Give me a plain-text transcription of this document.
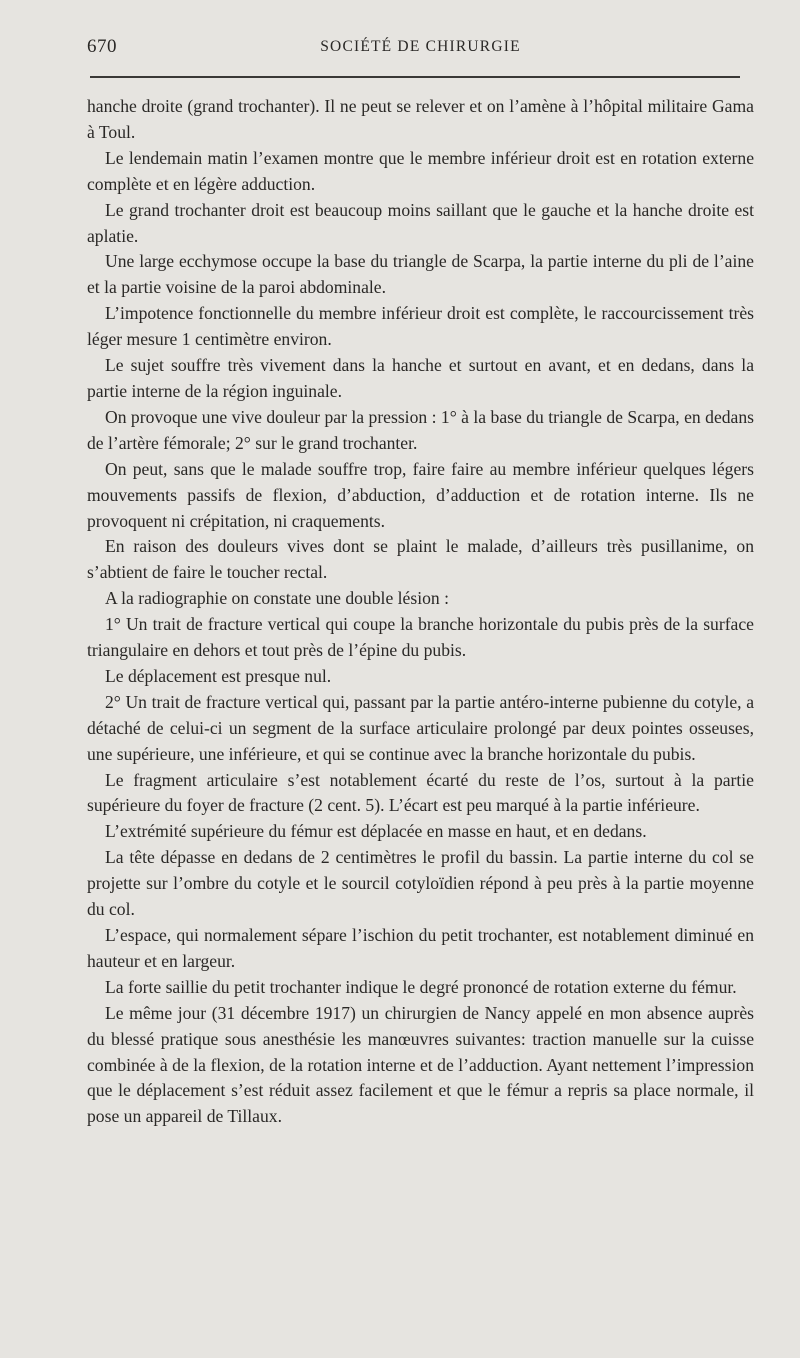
670	SOCIÉTÉ DE CHIRURGIE

hanche droite (grand trochanter). Il ne peut se relever et on l’amène à l’hôpital militaire Gama à Toul.

Le lendemain matin l’examen montre que le membre inférieur droit est en rotation externe complète et en légère adduction.

Le grand trochanter droit est beaucoup moins saillant que le gauche et la hanche droite est aplatie.

Une large ecchymose occupe la base du triangle de Scarpa, la partie interne du pli de l’aine et la partie voisine de la paroi abdominale.

L’impotence fonctionnelle du membre inférieur droit est complète, le raccourcissement très léger mesure 1 centimètre environ.

Le sujet souffre très vivement dans la hanche et surtout en avant, et en dedans, dans la partie interne de la région inguinale.

On provoque une vive douleur par la pression : 1° à la base du triangle de Scarpa, en dedans de l’artère fémorale; 2° sur le grand trochanter.

On peut, sans que le malade souffre trop, faire faire au membre inférieur quelques légers mouvements passifs de flexion, d’abduction, d’adduction et de rotation interne. Ils ne provoquent ni crépitation, ni craquements.

En raison des douleurs vives dont se plaint le malade, d’ailleurs très pusillanime, on s’abtient de faire le toucher rectal.

A la radiographie on constate une double lésion :

1° Un trait de fracture vertical qui coupe la branche horizontale du pubis près de la surface triangulaire en dehors et tout près de l’épine du pubis.

Le déplacement est presque nul.

2° Un trait de fracture vertical qui, passant par la partie antéro-interne pubienne du cotyle, a détaché de celui-ci un segment de la surface articulaire prolongé par deux pointes osseuses, une supérieure, une inférieure, et qui se continue avec la branche horizontale du pubis.

Le fragment articulaire s’est notablement écarté du reste de l’os, surtout à la partie supérieure du foyer de fracture (2 cent. 5). L’écart est peu marqué à la partie inférieure.

L’extrémité supérieure du fémur est déplacée en masse en haut, et en dedans.

La tête dépasse en dedans de 2 centimètres le profil du bassin. La partie interne du col se projette sur l’ombre du cotyle et le sourcil cotyloïdien répond à peu près à la partie moyenne du col.

L’espace, qui normalement sépare l’ischion du petit trochanter, est notablement diminué en hauteur et en largeur.

La forte saillie du petit trochanter indique le degré prononcé de rotation externe du fémur.

Le même jour (31 décembre 1917) un chirurgien de Nancy appelé en mon absence auprès du blessé pratique sous anesthésie les manœuvres suivantes: traction manuelle sur la cuisse combinée à de la flexion, de la rotation interne et de l’adduction. Ayant nettement l’impression que le déplacement s’est réduit assez facilement et que le fémur a repris sa place normale, il pose un appareil de Tillaux.
